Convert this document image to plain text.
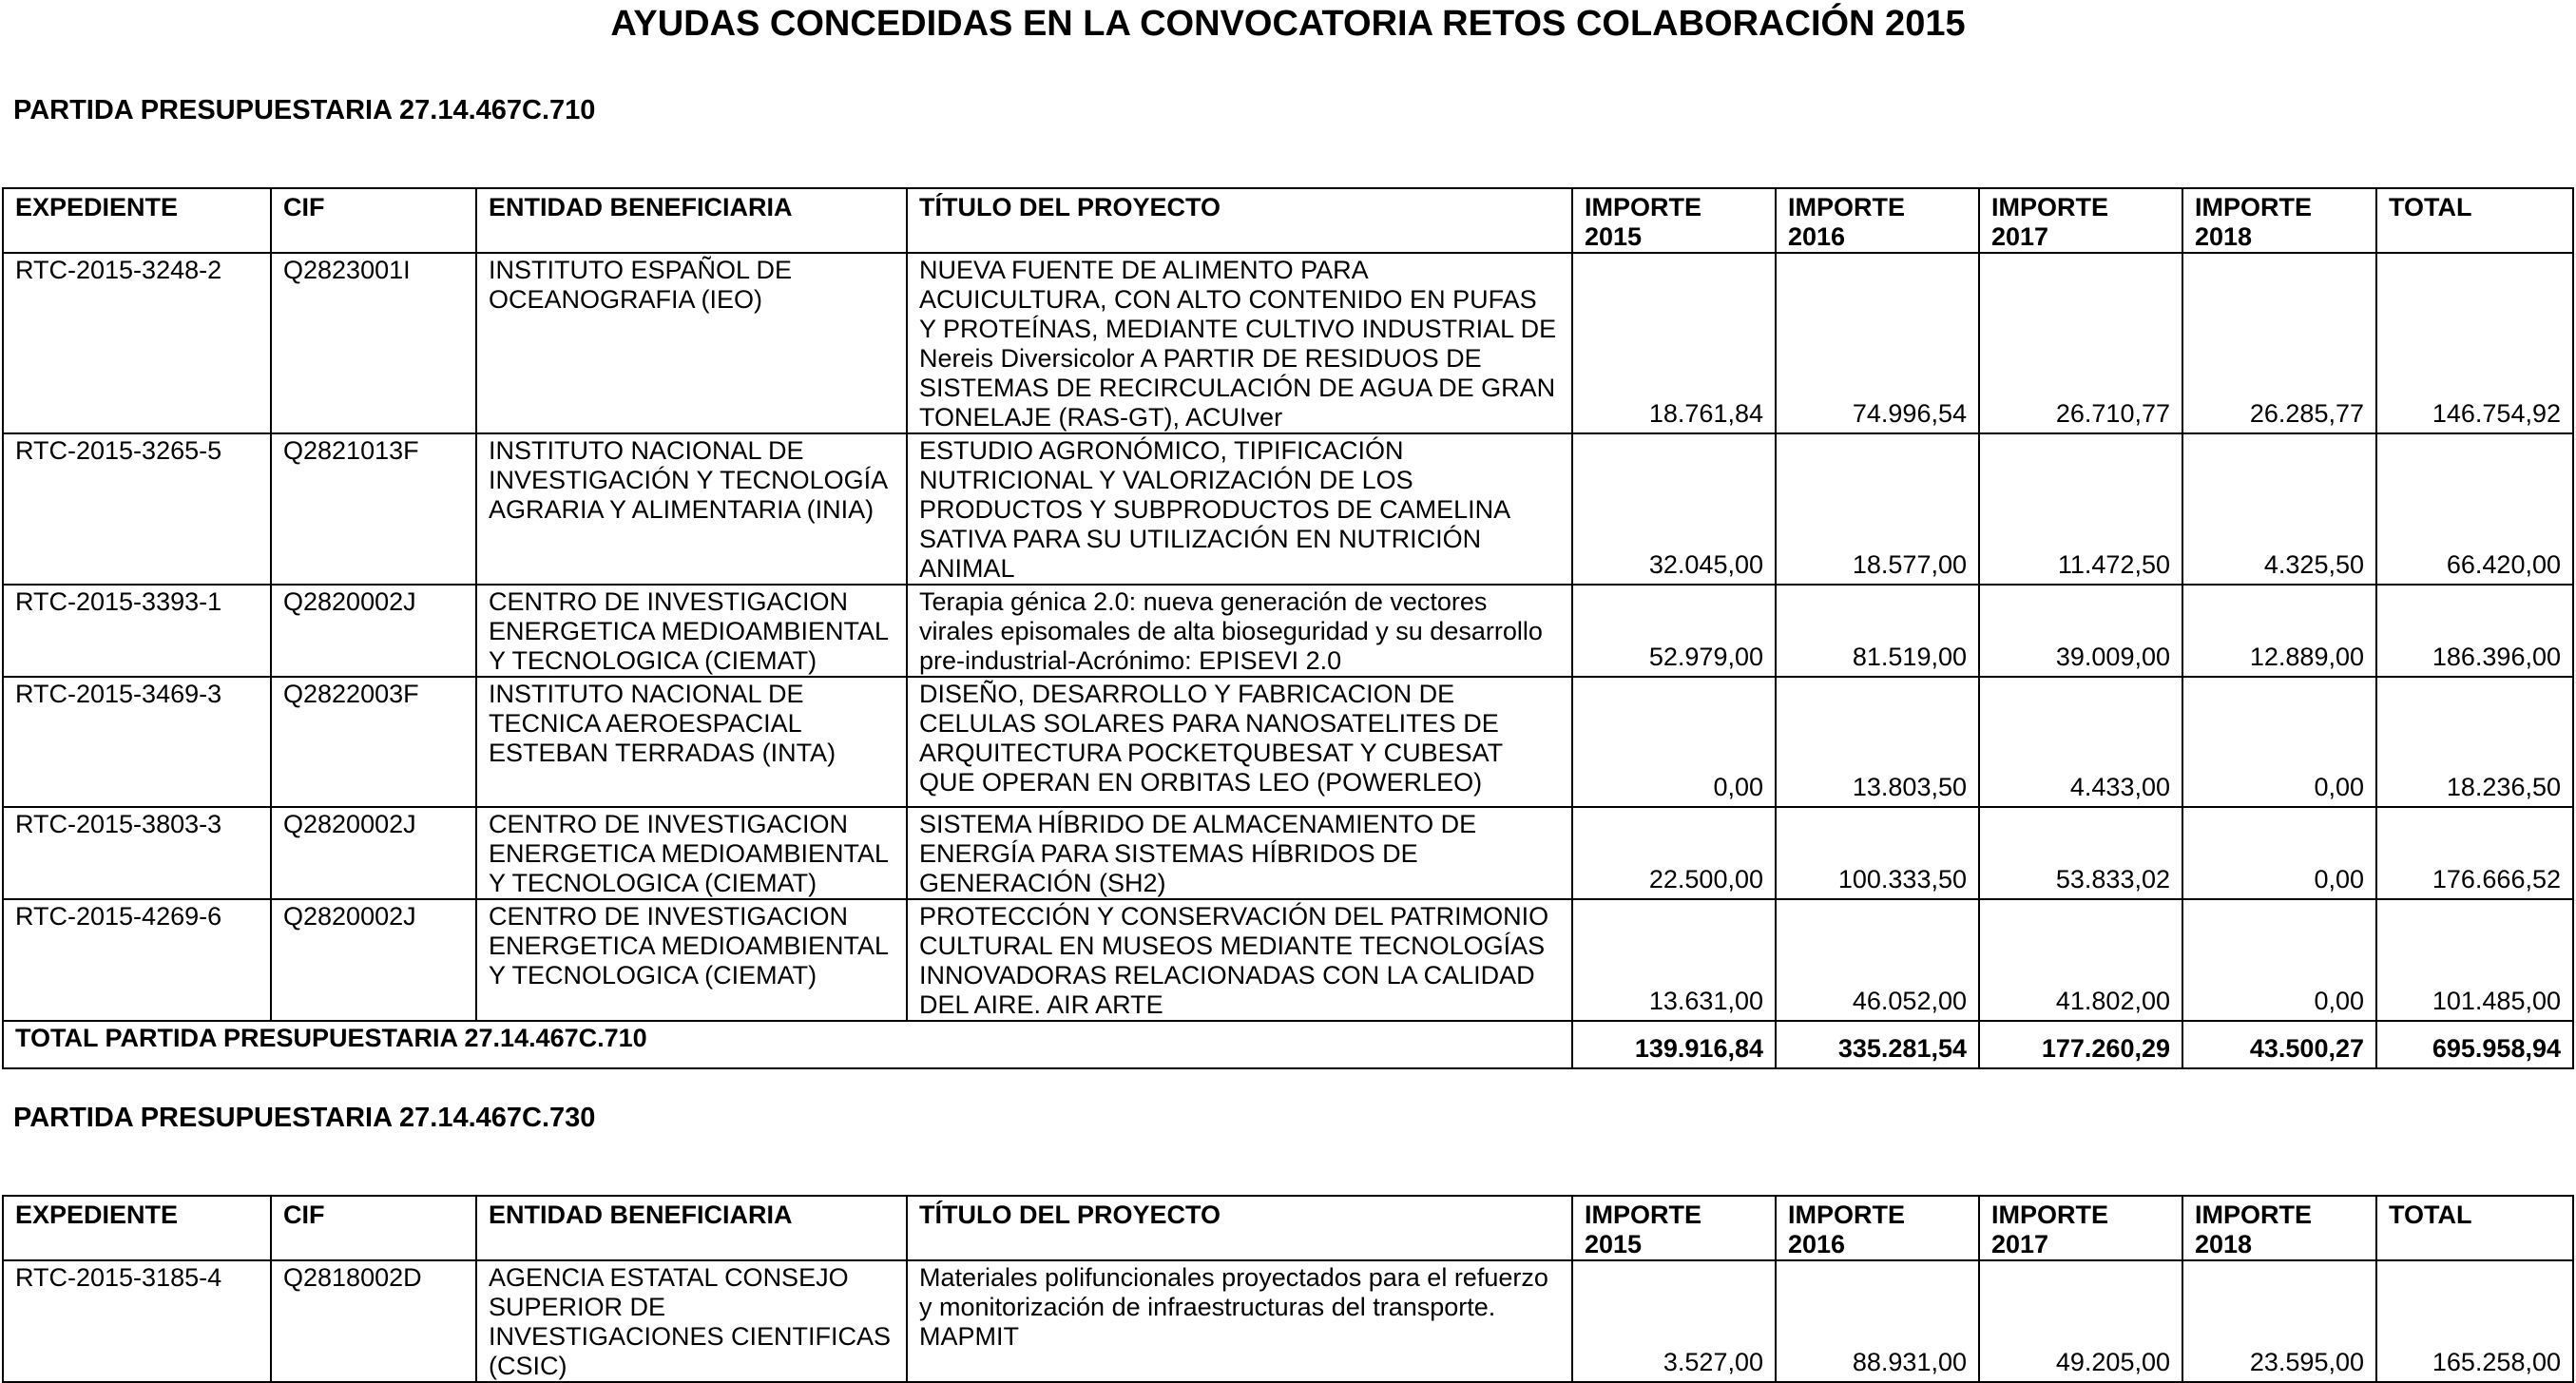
AYUDAS CONCEDIDAS EN LA CONVOCATORIA RETOS COLABORACIÓN 2015
PARTIDA PRESUPUESTARIA 27.14.467C.710
EXPEDIENTE	CIF	ENTIDAD BENEFICIARIA	TÍTULO DEL PROYECTO	IMPORTE 2015	IMPORTE 2016	IMPORTE 2017	IMPORTE 2018	TOTAL
RTC-2015-3248-2	Q2823001I	INSTITUTO ESPAÑOL DE OCEANOGRAFIA (IEO)	NUEVA FUENTE DE ALIMENTO PARA ACUICULTURA, CON ALTO CONTENIDO EN PUFAS Y PROTEÍNAS, MEDIANTE CULTIVO INDUSTRIAL DE Nereis Diversicolor A PARTIR DE RESIDUOS DE SISTEMAS DE RECIRCULACIÓN DE AGUA DE GRAN TONELAJE (RAS-GT), ACUIver	18.761,84	74.996,54	26.710,77	26.285,77	146.754,92
RTC-2015-3265-5	Q2821013F	INSTITUTO NACIONAL DE INVESTIGACIÓN Y TECNOLOGÍA AGRARIA Y ALIMENTARIA (INIA)	ESTUDIO AGRONÓMICO, TIPIFICACIÓN NUTRICIONAL Y VALORIZACIÓN DE LOS PRODUCTOS Y SUBPRODUCTOS DE CAMELINA SATIVA PARA SU UTILIZACIÓN EN NUTRICIÓN ANIMAL	32.045,00	18.577,00	11.472,50	4.325,50	66.420,00
RTC-2015-3393-1	Q2820002J	CENTRO DE INVESTIGACION ENERGETICA MEDIOAMBIENTAL Y TECNOLOGICA (CIEMAT)	Terapia génica 2.0: nueva generación de vectores virales episomales de alta bioseguridad y su desarrollo pre-industrial-Acrónimo: EPISEVI 2.0	52.979,00	81.519,00	39.009,00	12.889,00	186.396,00
RTC-2015-3469-3	Q2822003F	INSTITUTO NACIONAL DE TECNICA AEROESPACIAL ESTEBAN TERRADAS (INTA)	DISEÑO, DESARROLLO Y FABRICACION DE CELULAS SOLARES PARA NANOSATELITES DE ARQUITECTURA POCKETQUBESAT Y CUBESAT QUE OPERAN EN ORBITAS LEO (POWERLEO)	0,00	13.803,50	4.433,00	0,00	18.236,50
RTC-2015-3803-3	Q2820002J	CENTRO DE INVESTIGACION ENERGETICA MEDIOAMBIENTAL Y TECNOLOGICA (CIEMAT)	SISTEMA HÍBRIDO DE ALMACENAMIENTO DE ENERGÍA PARA SISTEMAS HÍBRIDOS DE GENERACIÓN (SH2)	22.500,00	100.333,50	53.833,02	0,00	176.666,52
RTC-2015-4269-6	Q2820002J	CENTRO DE INVESTIGACION ENERGETICA MEDIOAMBIENTAL Y TECNOLOGICA (CIEMAT)	PROTECCIÓN Y CONSERVACIÓN DEL PATRIMONIO CULTURAL EN MUSEOS MEDIANTE TECNOLOGÍAS INNOVADORAS RELACIONADAS CON LA CALIDAD DEL AIRE. AIR ARTE	13.631,00	46.052,00	41.802,00	0,00	101.485,00
TOTAL PARTIDA PRESUPUESTARIA 27.14.467C.710				139.916,84	335.281,54	177.260,29	43.500,27	695.958,94
PARTIDA PRESUPUESTARIA 27.14.467C.730
EXPEDIENTE	CIF	ENTIDAD BENEFICIARIA	TÍTULO DEL PROYECTO	IMPORTE 2015	IMPORTE 2016	IMPORTE 2017	IMPORTE 2018	TOTAL
RTC-2015-3185-4	Q2818002D	AGENCIA ESTATAL CONSEJO SUPERIOR DE INVESTIGACIONES CIENTIFICAS (CSIC)	Materiales polifuncionales proyectados para el refuerzo y monitorización de infraestructuras del transporte. MAPMIT	3.527,00	88.931,00	49.205,00	23.595,00	165.258,00
